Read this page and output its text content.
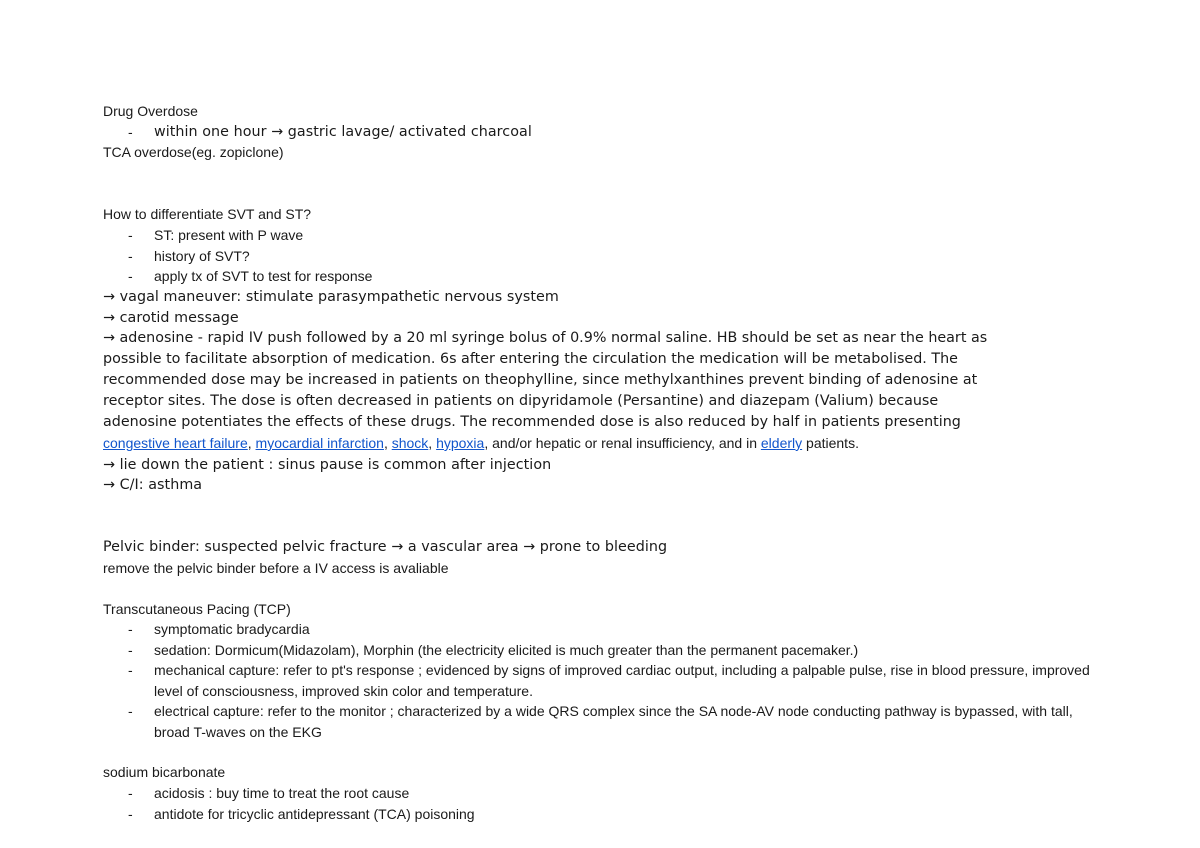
Drug Overdose
- within one hour → gastric lavage/ activated charcoal
TCA overdose(eg. zopiclone)
How to differentiate SVT and ST?
- ST: present with P wave
- history of SVT?
- apply tx of SVT to test for response
→ vagal maneuver: stimulate parasympathetic nervous system
→ carotid message
→ adenosine - rapid IV push followed by a 20 ml syringe bolus of 0.9% normal saline. HB should be set as near the heart as
possible to facilitate absorption of medication. 6s after entering the circulation the medication will be metabolised. The
recommended dose may be increased in patients on theophylline, since methylxanthines prevent binding of adenosine at
receptor sites. The dose is often decreased in patients on dipyridamole (Persantine) and diazepam (Valium) because
adenosine potentiates the effects of these drugs. The recommended dose is also reduced by half in patients presenting
congestive heart failure, myocardial infarction, shock, hypoxia, and/or hepatic or renal insufficiency, and in elderly patients.
→ lie down the patient : sinus pause is common after injection
→ C/I: asthma
Pelvic binder: suspected pelvic fracture → a vascular area → prone to bleeding
remove the pelvic binder before a IV access is avaliable
Transcutaneous Pacing (TCP)
- symptomatic bradycardia
- sedation: Dormicum(Midazolam), Morphin (the electricity elicited is much greater than the permanent pacemaker.)
- mechanical capture: refer to pt's response ; evidenced by signs of improved cardiac output, including a palpable pulse, rise in blood pressure, improved level of consciousness, improved skin color and temperature.
- electrical capture: refer to the monitor ; characterized by a wide QRS complex since the SA node-AV node conducting pathway is bypassed, with tall, broad T-waves on the EKG
sodium bicarbonate
- acidosis : buy time to treat the root cause
- antidote for tricyclic antidepressant (TCA) poisoning
